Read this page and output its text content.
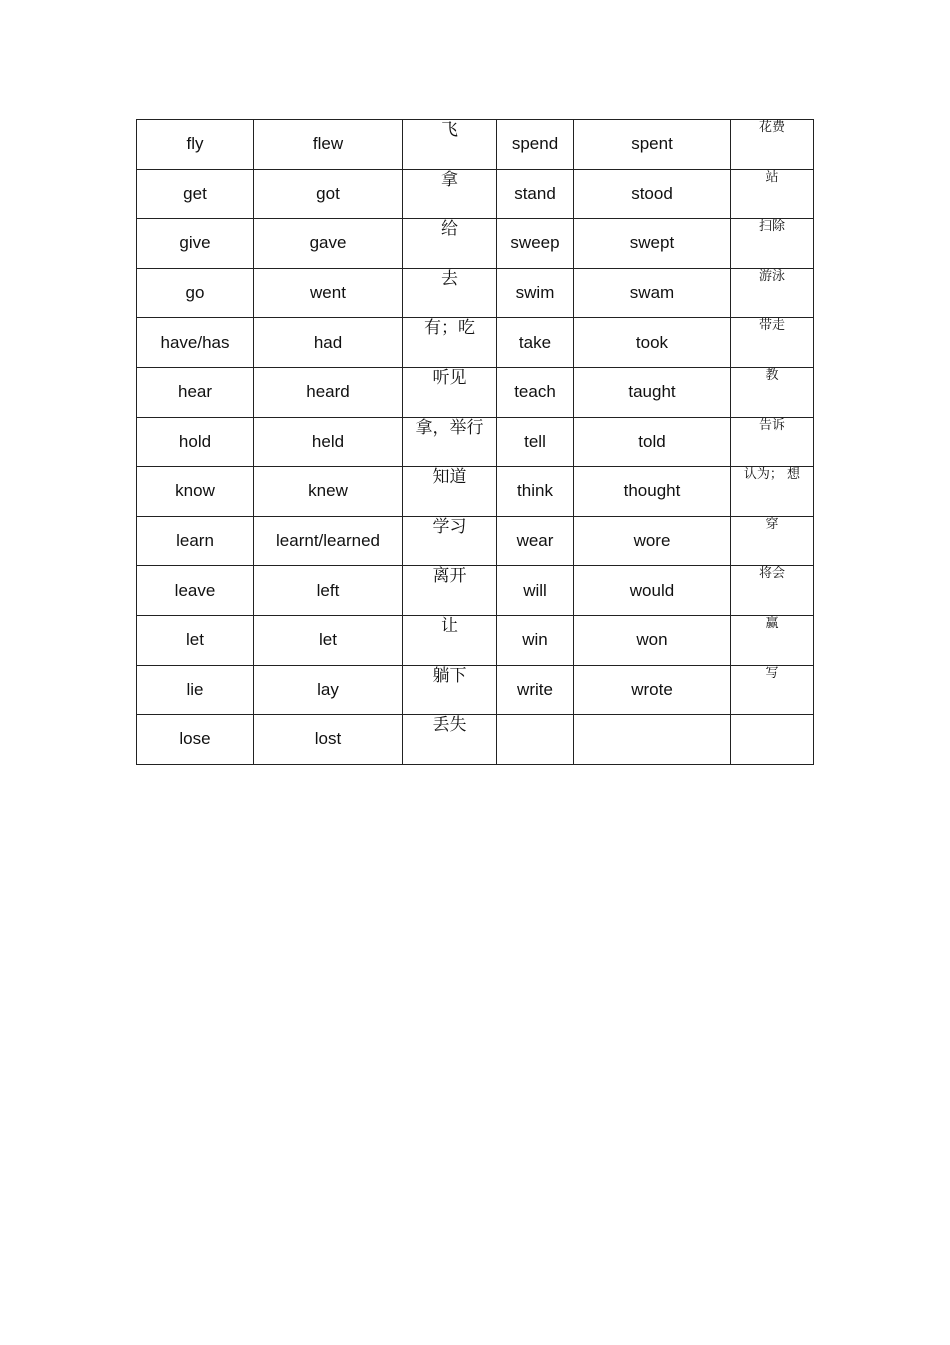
fly	flew	飞	spend	spent	花费
get	got	拿	stand	stood	站
give	gave	给	sweep	swept	扫除
go	went	去	swim	swam	游泳
have/has	had	有；吃	take	took	带走
hear	heard	听见	teach	taught	教
hold	held	拿，举行	tell	told	告诉
know	knew	知道	think	thought	认为； 想
learn	learnt/learned	学习	wear	wore	穿
leave	left	离开	will	would	将会
let	let	让	win	won	赢
lie	lay	躺下	write	wrote	写
lose	lost	丢失			
